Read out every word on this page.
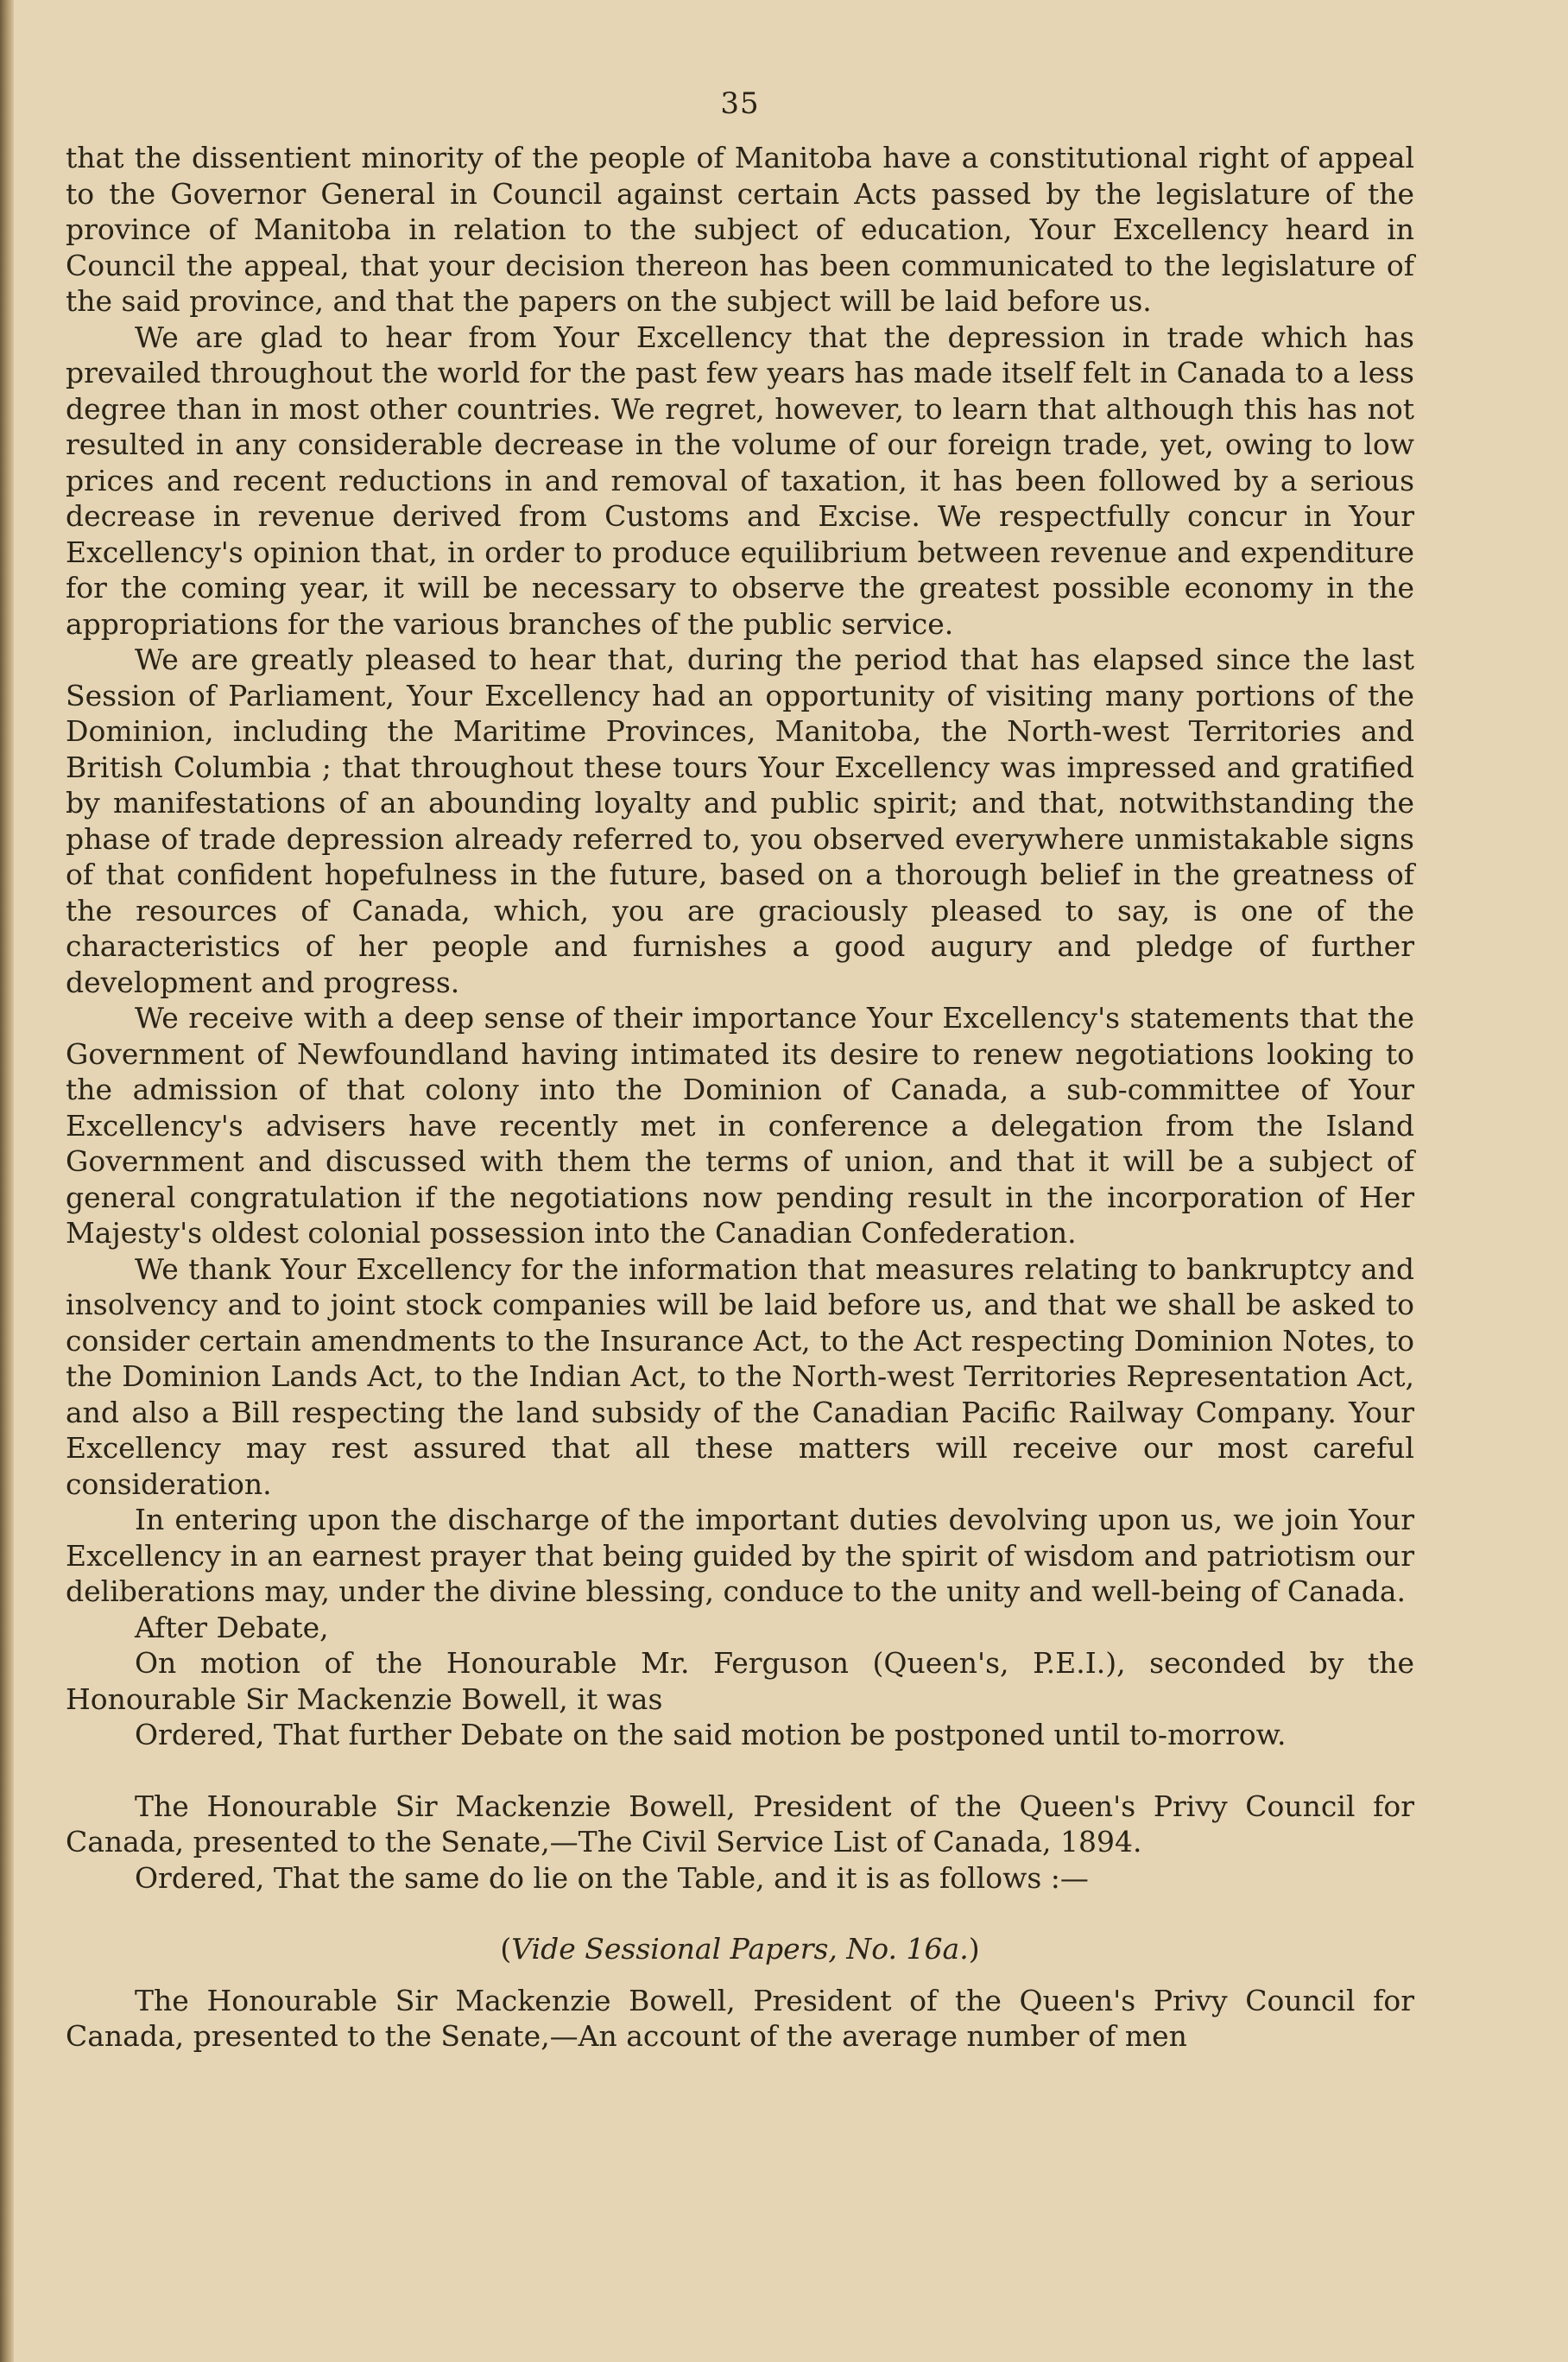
35

that the dissentient minority of the people of Manitoba have a constitutional right of appeal to the Governor General in Council against certain Acts passed by the legislature of the province of Manitoba in relation to the subject of education, Your Excellency heard in Council the appeal, that your decision thereon has been communicated to the legislature of the said province, and that the papers on the subject will be laid before us.

We are glad to hear from Your Excellency that the depression in trade which has prevailed throughout the world for the past few years has made itself felt in Canada to a less degree than in most other countries. We regret, however, to learn that although this has not resulted in any considerable decrease in the volume of our foreign trade, yet, owing to low prices and recent reductions in and removal of taxation, it has been followed by a serious decrease in revenue derived from Customs and Excise. We respectfully concur in Your Excellency's opinion that, in order to produce equilibrium between revenue and expenditure for the coming year, it will be necessary to observe the greatest possible economy in the appropriations for the various branches of the public service.

We are greatly pleased to hear that, during the period that has elapsed since the last Session of Parliament, Your Excellency had an opportunity of visiting many portions of the Dominion, including the Maritime Provinces, Manitoba, the North-west Territories and British Columbia ; that throughout these tours Your Excellency was impressed and gratified by manifestations of an abounding loyalty and public spirit; and that, notwithstanding the phase of trade depression already referred to, you observed everywhere unmistakable signs of that confident hopefulness in the future, based on a thorough belief in the greatness of the resources of Canada, which, you are graciously pleased to say, is one of the characteristics of her people and furnishes a good augury and pledge of further development and progress.

We receive with a deep sense of their importance Your Excellency's statements that the Government of Newfoundland having intimated its desire to renew negotiations looking to the admission of that colony into the Dominion of Canada, a sub-committee of Your Excellency's advisers have recently met in conference a delegation from the Island Government and discussed with them the terms of union, and that it will be a subject of general congratulation if the negotiations now pending result in the incorporation of Her Majesty's oldest colonial possession into the Canadian Confederation.

We thank Your Excellency for the information that measures relating to bankruptcy and insolvency and to joint stock companies will be laid before us, and that we shall be asked to consider certain amendments to the Insurance Act, to the Act respecting Dominion Notes, to the Dominion Lands Act, to the Indian Act, to the North-west Territories Representation Act, and also a Bill respecting the land subsidy of the Canadian Pacific Railway Company. Your Excellency may rest assured that all these matters will receive our most careful consideration.

In entering upon the discharge of the important duties devolving upon us, we join Your Excellency in an earnest prayer that being guided by the spirit of wisdom and patriotism our deliberations may, under the divine blessing, conduce to the unity and well-being of Canada.

After Debate,

On motion of the Honourable Mr. Ferguson (Queen's, P.E.I.), seconded by the Honourable Sir Mackenzie Bowell, it was

Ordered, That further Debate on the said motion be postponed until to-morrow.

The Honourable Sir Mackenzie Bowell, President of the Queen's Privy Council for Canada, presented to the Senate,—The Civil Service List of Canada, 1894.

Ordered, That the same do lie on the Table, and it is as follows :—

(Vide Sessional Papers, No. 16a.)

The Honourable Sir Mackenzie Bowell, President of the Queen's Privy Council for Canada, presented to the Senate,—An account of the average number of men
